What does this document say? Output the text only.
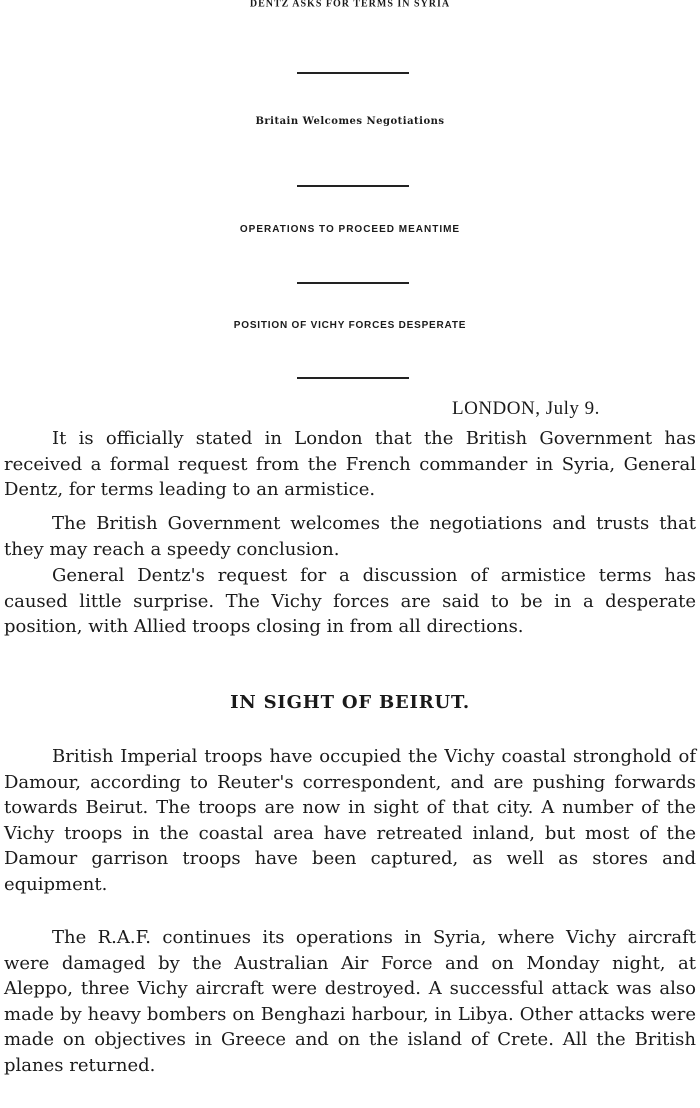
DENTZ ASKS FOR TERMS IN SYRIA
Britain Welcomes Negotiations
OPERATIONS TO PROCEED MEANTIME
POSITION OF VICHY FORCES DESPERATE
LONDON, July 9.

It is officially stated in London that the British Government has received a formal request from the French commander in Syria, General Dentz, for terms leading to an armistice.

The British Government welcomes the negotiations and trusts that they may reach a speedy conclusion.

General Dentz's request for a discussion of armistice terms has caused little surprise. The Vichy forces are said to be in a desperate position, with Allied troops closing in from all directions.

IN SIGHT OF BEIRUT.

British Imperial troops have occupied the Vichy coastal stronghold of Damour, according to Reuter's correspondent, and are pushing forwards towards Beirut. The troops are now in sight of that city. A number of the Vichy troops in the coastal area have retreated inland, but most of the Damour garrison troops have been captured, as well as stores and equipment.

The R.A.F. continues its operations in Syria, where Vichy aircraft were damaged by the Australian Air Force and on Monday night, at Aleppo, three Vichy aircraft were destroyed. A successful attack was also made by heavy bombers on Benghazi harbour, in Libya. Other attacks were made on objectives in Greece and on the island of Crete. All the British planes returned.
